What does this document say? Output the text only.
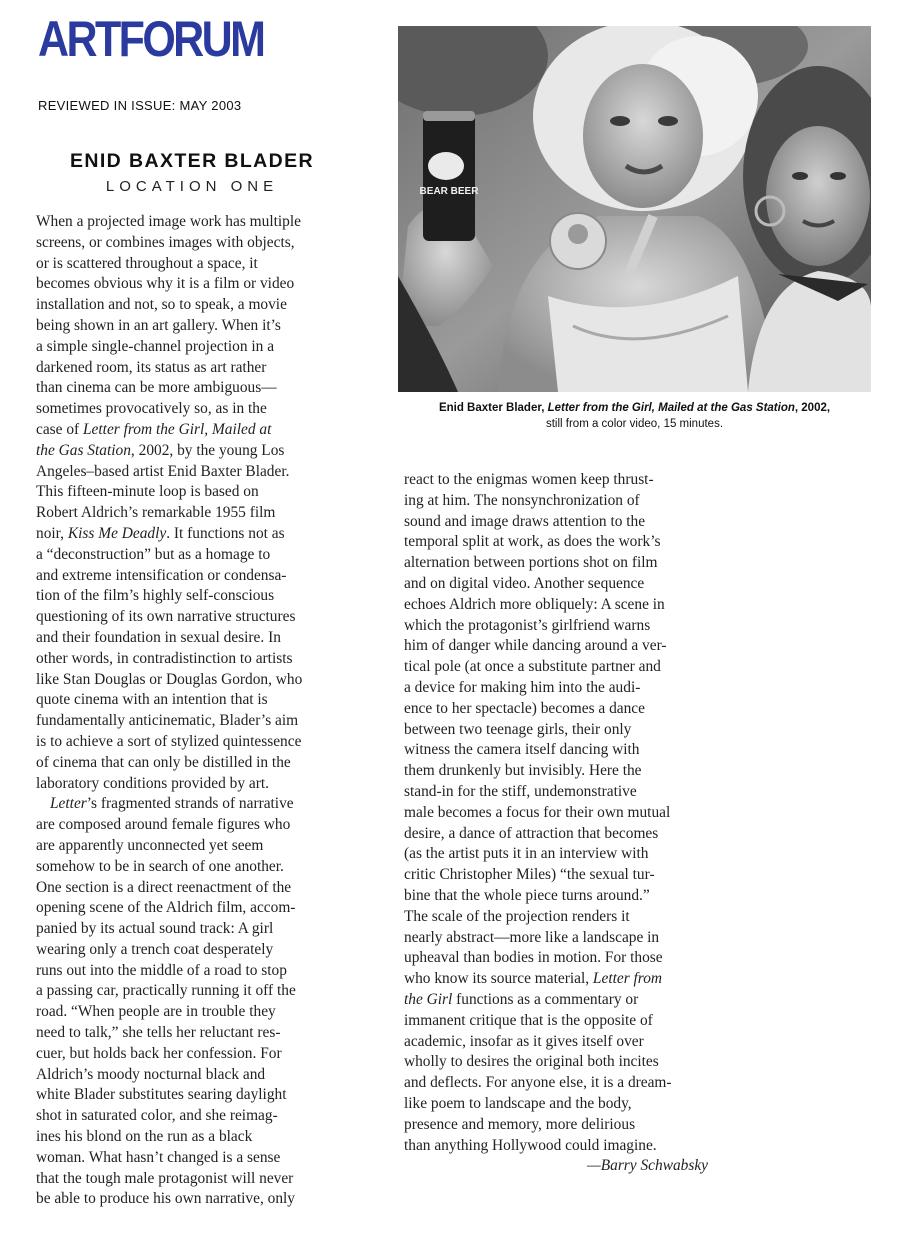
ARTFORUM
REVIEWED IN ISSUE: MAY 2003
ENID BAXTER BLADER
LOCATION ONE
When a projected image work has multiple
screens, or combines images with objects,
or is scattered throughout a space, it
becomes obvious why it is a film or video
installation and not, so to speak, a movie
being shown in an art gallery. When it’s
a simple single-channel projection in a
darkened room, its status as art rather
than cinema can be more ambiguous—
sometimes provocatively so, as in the
case of Letter from the Girl, Mailed at
the Gas Station, 2002, by the young Los
Angeles–based artist Enid Baxter Blader.
This fifteen-minute loop is based on
Robert Aldrich’s remarkable 1955 film
noir, Kiss Me Deadly. It functions not as
a “deconstruction” but as a homage to
and extreme intensification or condensa-
tion of the film’s highly self-conscious
questioning of its own narrative structures
and their foundation in sexual desire. In
other words, in contradistinction to artists
like Stan Douglas or Douglas Gordon, who
quote cinema with an intention that is
fundamentally anticinematic, Blader’s aim
is to achieve a sort of stylized quintessence
of cinema that can only be distilled in the
laboratory conditions provided by art.
Letter’s fragmented strands of narrative
are composed around female figures who
are apparently unconnected yet seem
somehow to be in search of one another.
One section is a direct reenactment of the
opening scene of the Aldrich film, accom-
panied by its actual sound track: A girl
wearing only a trench coat desperately
runs out into the middle of a road to stop
a passing car, practically running it off the
road. “When people are in trouble they
need to talk,” she tells her reluctant res-
cuer, but holds back her confession. For
Aldrich’s moody nocturnal black and
white Blader substitutes searing daylight
shot in saturated color, and she reimag-
ines his blond on the run as a black
woman. What hasn’t changed is a sense
that the tough male protagonist will never
be able to produce his own narrative, only
BEAR BEER
Enid Baxter Blader, Letter from the Girl, Mailed at the Gas Station, 2002,
still from a color video, 15 minutes.
react to the enigmas women keep thrust-
ing at him. The nonsynchronization of
sound and image draws attention to the
temporal split at work, as does the work’s
alternation between portions shot on film
and on digital video. Another sequence
echoes Aldrich more obliquely: A scene in
which the protagonist’s girlfriend warns
him of danger while dancing around a ver-
tical pole (at once a substitute partner and
a device for making him into the audi-
ence to her spectacle) becomes a dance
between two teenage girls, their only
witness the camera itself dancing with
them drunkenly but invisibly. Here the
stand-in for the stiff, undemonstrative
male becomes a focus for their own mutual
desire, a dance of attraction that becomes
(as the artist puts it in an interview with
critic Christopher Miles) “the sexual tur-
bine that the whole piece turns around.”
The scale of the projection renders it
nearly abstract—more like a landscape in
upheaval than bodies in motion. For those
who know its source material, Letter from
the Girl functions as a commentary or
immanent critique that is the opposite of
academic, insofar as it gives itself over
wholly to desires the original both incites
and deflects. For anyone else, it is a dream-
like poem to landscape and the body,
presence and memory, more delirious
than anything Hollywood could imagine.
—Barry Schwabsky
